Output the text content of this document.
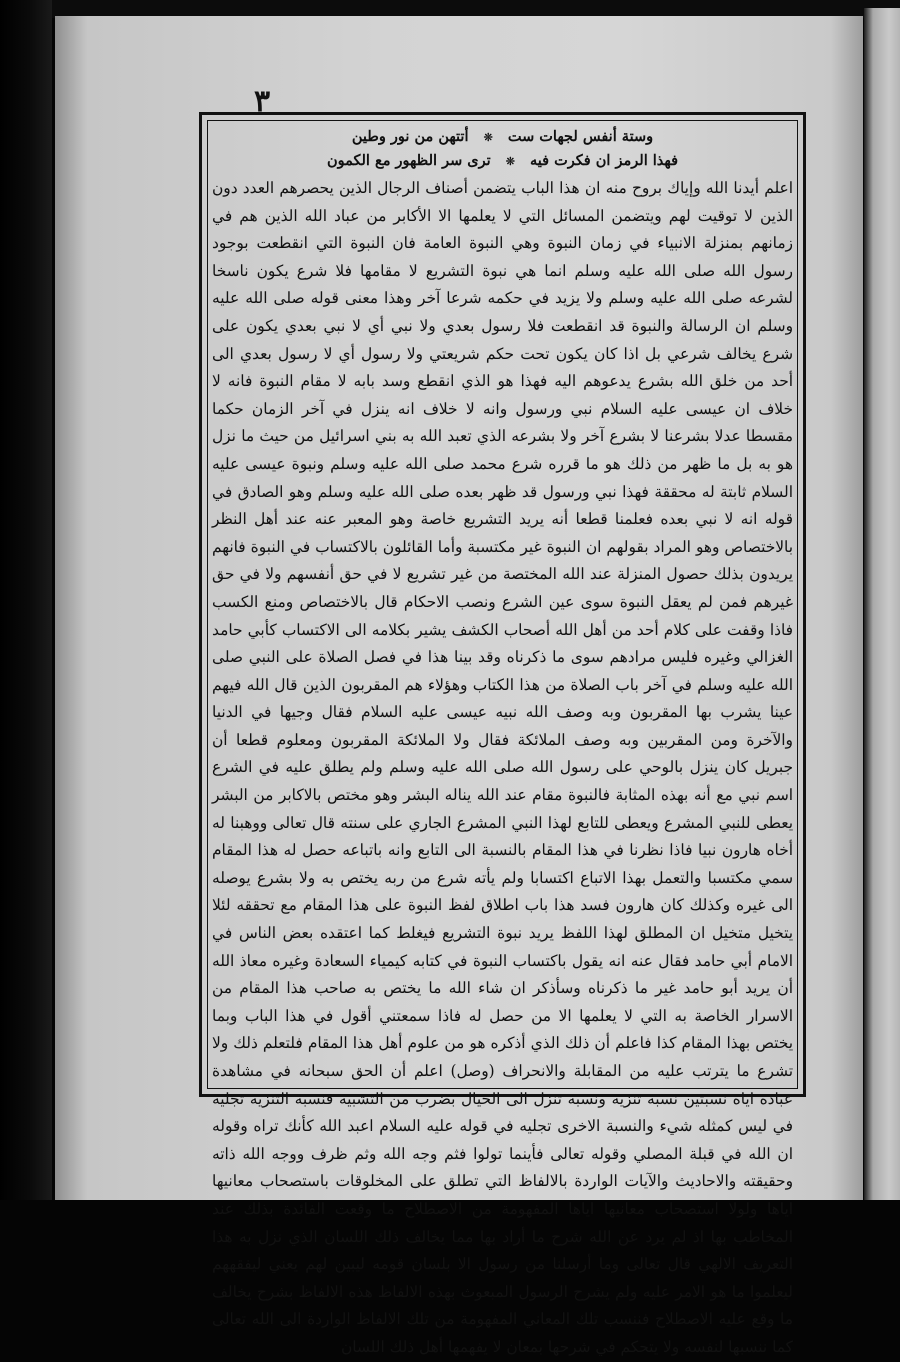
٣
وستة أنفس لجهات ست ❊ أتتهن من نور وطين
فهذا الرمز ان فكرت فيه ❊ ترى سر الظهور مع الكمون

اعلم أيدنا الله وإياك بروح منه ان هذا الباب يتضمن أصناف الرجال الذين يحصرهم العدد دون الذين لا توقيت لهم ويتضمن المسائل التي لا يعلمها الا الأكابر من عباد الله الذين هم في زمانهم بمنزلة الانبياء في زمان النبوة وهي النبوة العامة فان النبوة التي انقطعت بوجود رسول الله صلى الله عليه وسلم انما هي نبوة التشريع لا مقامها فلا شرع يكون ناسخا لشرعه صلى الله عليه وسلم ولا يزيد في حكمه شرعا آخر وهذا معنى قوله صلى الله عليه وسلم ان الرسالة والنبوة قد انقطعت فلا رسول بعدي ولا نبي أي لا نبي بعدي يكون على شرع يخالف شرعي بل اذا كان يكون تحت حكم شريعتي ولا رسول أي لا رسول بعدي الى أحد من خلق الله بشرع يدعوهم اليه فهذا هو الذي انقطع وسد بابه لا مقام النبوة فانه لا خلاف ان عيسى عليه السلام نبي ورسول وانه لا خلاف انه ينزل في آخر الزمان حكما مقسطا عدلا بشرعنا لا بشرع آخر ولا بشرعه الذي تعبد الله به بني اسرائيل من حيث ما نزل هو به بل ما ظهر من ذلك هو ما قرره شرع محمد صلى الله عليه وسلم ونبوة عيسى عليه السلام ثابتة له محققة فهذا نبي ورسول قد ظهر بعده صلى الله عليه وسلم وهو الصادق في قوله انه لا نبي بعده فعلمنا قطعا أنه يريد التشريع خاصة وهو المعبر عنه عند أهل النظر بالاختصاص وهو المراد بقولهم ان النبوة غير مكتسبة وأما القائلون بالاكتساب في النبوة فانهم يريدون بذلك حصول المنزلة عند الله المختصة من غير تشريع لا في حق أنفسهم ولا في حق غيرهم فمن لم يعقل النبوة سوى عين الشرع ونصب الاحكام قال بالاختصاص ومنع الكسب فاذا وقفت على كلام أحد من أهل الله أصحاب الكشف يشير بكلامه الى الاكتساب كأبي حامد الغزالي وغيره فليس مرادهم سوى ما ذكرناه وقد بينا هذا في فصل الصلاة على النبي صلى الله عليه وسلم في آخر باب الصلاة من هذا الكتاب وهؤلاء هم المقربون الذين قال الله فيهم عينا يشرب بها المقربون وبه وصف الله نبيه عيسى عليه السلام فقال وجيها في الدنيا والآخرة ومن المقربين وبه وصف الملائكة فقال ولا الملائكة المقربون ومعلوم قطعا أن جبريل كان ينزل بالوحي على رسول الله صلى الله عليه وسلم ولم يطلق عليه في الشرع اسم نبي مع أنه بهذه المثابة فالنبوة مقام عند الله يناله البشر وهو مختص بالاكابر من البشر يعطى للنبي المشرع ويعطى للتابع لهذا النبي المشرع الجاري على سنته قال تعالى ووهبنا له أخاه هارون نبيا فاذا نظرنا في هذا المقام بالنسبة الى التابع وانه باتباعه حصل له هذا المقام سمي مكتسبا والتعمل بهذا الاتباع اكتسابا ولم يأته شرع من ربه يختص به ولا بشرع يوصله الى غيره وكذلك كان هارون فسد هذا باب اطلاق لفظ النبوة على هذا المقام مع تحققه لئلا يتخيل متخيل ان المطلق لهذا اللفظ يريد نبوة التشريع فيغلط كما اعتقده بعض الناس في الامام أبي حامد فقال عنه انه يقول باكتساب النبوة في كتابه كيمياء السعادة وغيره معاذ الله أن يريد أبو حامد غير ما ذكرناه وسأذكر ان شاء الله ما يختص به صاحب هذا المقام من الاسرار الخاصة به التي لا يعلمها الا من حصل له فاذا سمعتني أقول في هذا الباب وبما يختص بهذا المقام كذا فاعلم أن ذلك الذي أذكره هو من علوم أهل هذا المقام فلتعلم ذلك ولا تشرع ما يترتب عليه من المقابلة والانحراف (وصل) اعلم أن الحق سبحانه في مشاهدة عباده اياه نسبتين نسبة تنزيه ونسبة تنزل الى الخيال بضرب من التشبيه فنسبة التنزيه تجليه في ليس كمثله شيء والنسبة الاخرى تجليه في قوله عليه السلام اعبد الله كأنك تراه وقوله ان الله في قبلة المصلي وقوله تعالى فأينما تولوا فثم وجه الله وثم ظرف ووجه الله ذاته وحقيقته والاحاديث والآيات الواردة بالالفاظ التي تطلق على المخلوقات باستصحاب معانيها اياها ولولا استصحاب معانيها اياها المفهومة من الاصطلاح ما وقعت الفائدة بذلك عند المخاطب بها اذ لم يرد عن الله شرح ما أراد بها مما يخالف ذلك اللسان الذي نزل به هذا التعريف الالهي قال تعالى وما أرسلنا من رسول الا بلسان قومه ليبين لهم يعني ليفقههم ليعلموا ما هو الامر عليه ولم يشرح الرسول المبعوث بهذه الالفاظ هذه الالفاظ بشرح يخالف ما وقع عليه الاصطلاح فننسب تلك المعاني المفهومة من تلك الالفاظ الواردة الى الله تعالى كما ننسبها لنفسه ولا يتحكم في شرحها بمعان لا يفهمها أهل ذلك اللسان
